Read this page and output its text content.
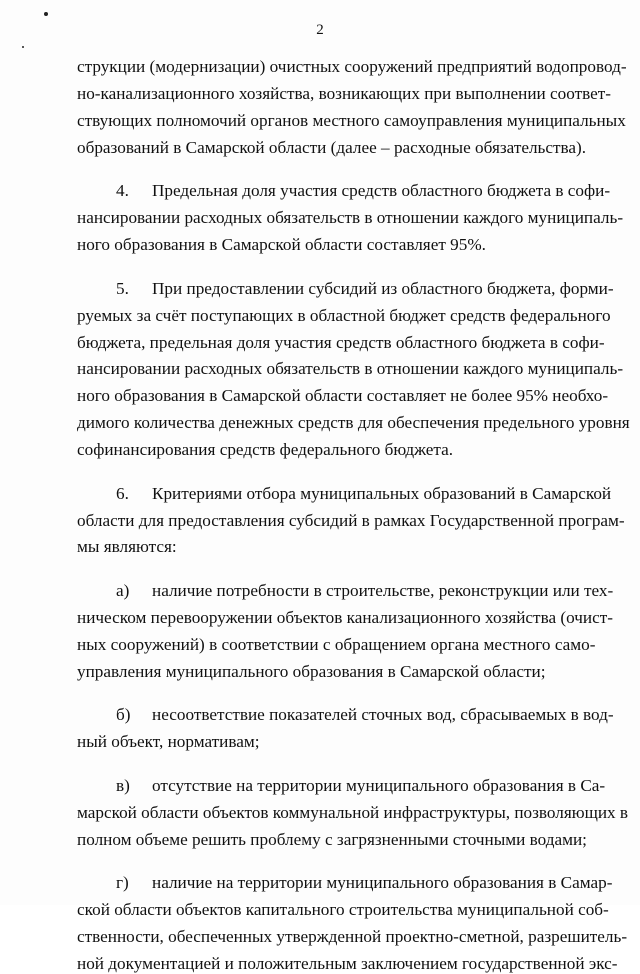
2
струкции (модернизации) очистных сооружений предприятий водопровод-
но-канализационного хозяйства, возникающих при выполнении соответ-
ствующих полномочий органов местного самоуправления муниципальных
образований в Самарской области (далее – расходные обязательства).
4. Предельная доля участия средств областного бюджета в софи-
нансировании расходных обязательств в отношении каждого муниципаль-
ного образования в Самарской области составляет 95%.
5. При предоставлении субсидий из областного бюджета, форми-
руемых за счёт поступающих в областной бюджет средств федерального
бюджета, предельная доля участия средств областного бюджета в софи-
нансировании расходных обязательств в отношении каждого муниципаль-
ного образования в Самарской области составляет не более 95% необхо-
димого количества денежных средств для обеспечения предельного уровня
софинансирования средств федерального бюджета.
6. Критериями отбора муниципальных образований в Самарской
области для предоставления субсидий в рамках Государственной програм-
мы являются:
а) наличие потребности в строительстве, реконструкции или тех-
ническом перевооружении объектов канализационного хозяйства (очист-
ных сооружений) в соответствии с обращением органа местного само-
управления муниципального образования в Самарской области;
б) несоответствие показателей сточных вод, сбрасываемых в вод-
ный объект, нормативам;
в) отсутствие на территории муниципального образования в Са-
марской области объектов коммунальной инфраструктуры, позволяющих в
полном объеме решить проблему с загрязненными сточными водами;
г) наличие на территории муниципального образования в Самар-
ской области объектов капитального строительства муниципальной соб-
ственности, обеспеченных утвержденной проектно-сметной, разрешитель-
ной документацией и положительным заключением государственной экс-
